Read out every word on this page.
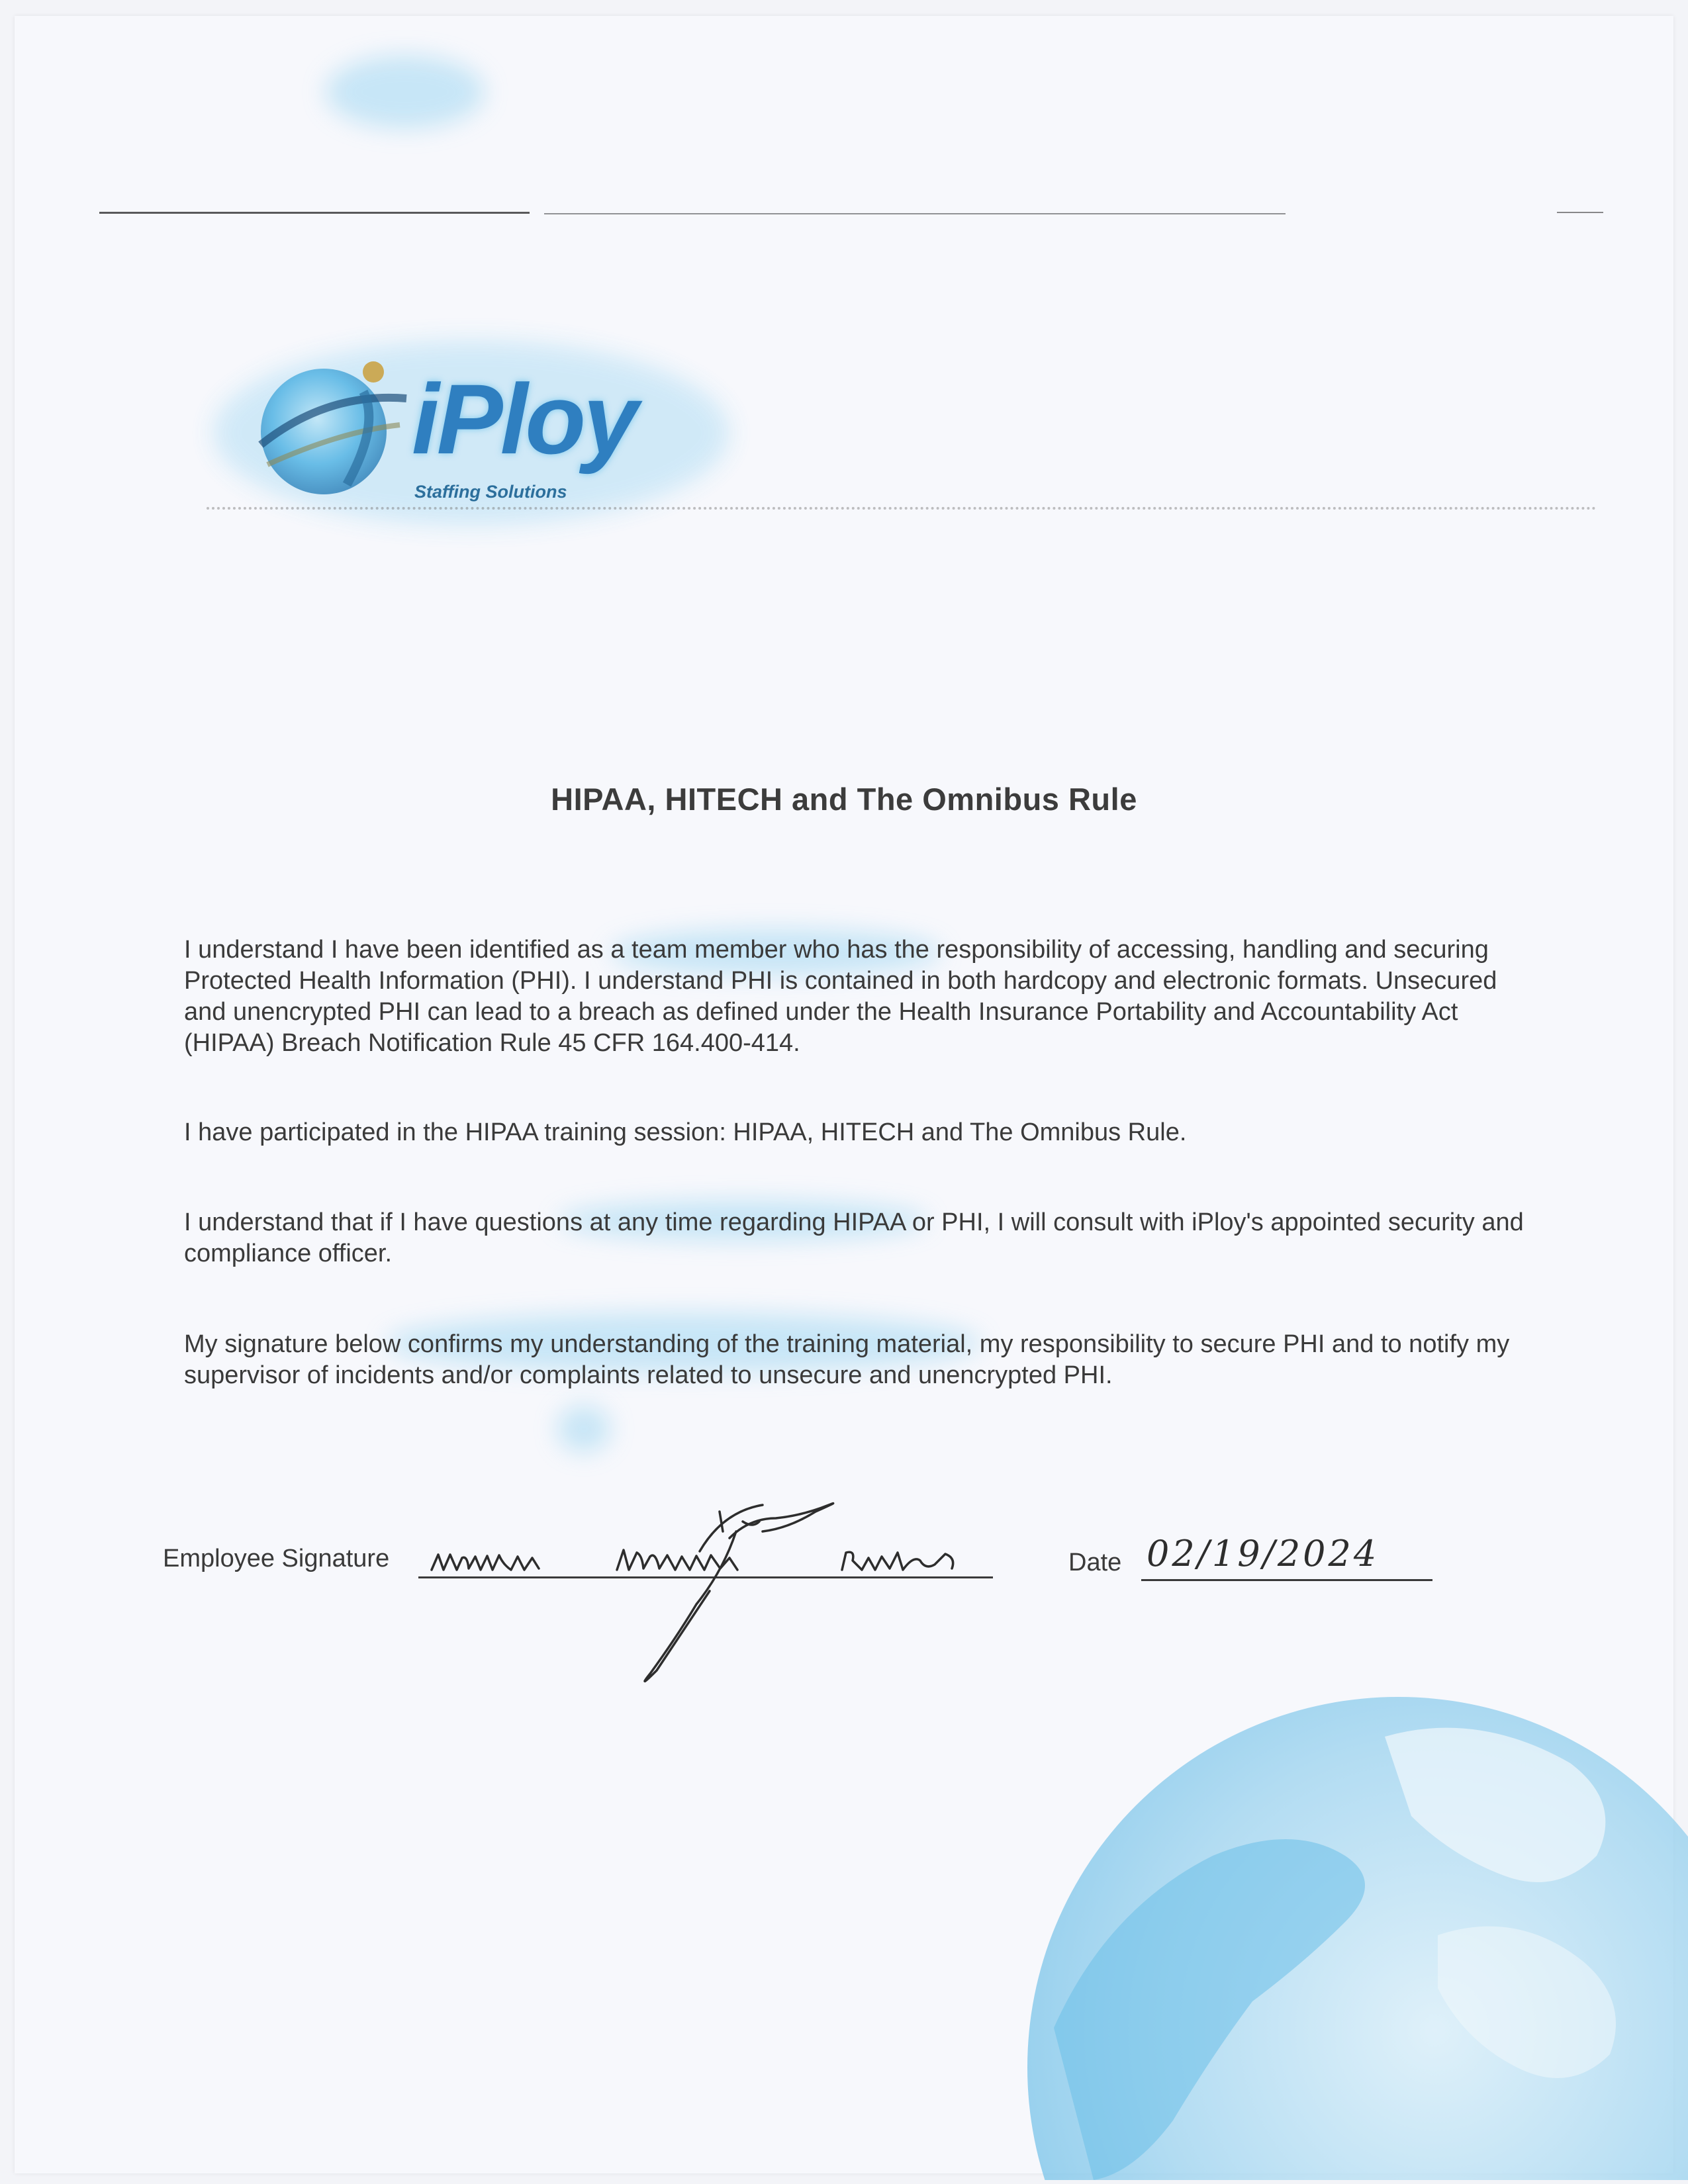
iPloy
Staffing Solutions
HIPAA, HITECH and The Omnibus Rule
I understand I have been identified as a team member who has the responsibility of accessing, handling and securing
Protected Health Information (PHI). I understand PHI is contained in both hardcopy and electronic formats. Unsecured
and unencrypted PHI can lead to a breach as defined under the Health Insurance Portability and Accountability Act
(HIPAA) Breach Notification Rule 45 CFR 164.400-414.
I have participated in the HIPAA training session: HIPAA, HITECH and The Omnibus Rule.
I understand that if I have questions at any time regarding HIPAA or PHI, I will consult with iPloy's appointed security and
compliance officer.
My signature below confirms my understanding of the training material, my responsibility to secure PHI and to notify my
supervisor of incidents and/or complaints related to unsecure and unencrypted PHI.
Employee Signature	Date 02/19/2024
